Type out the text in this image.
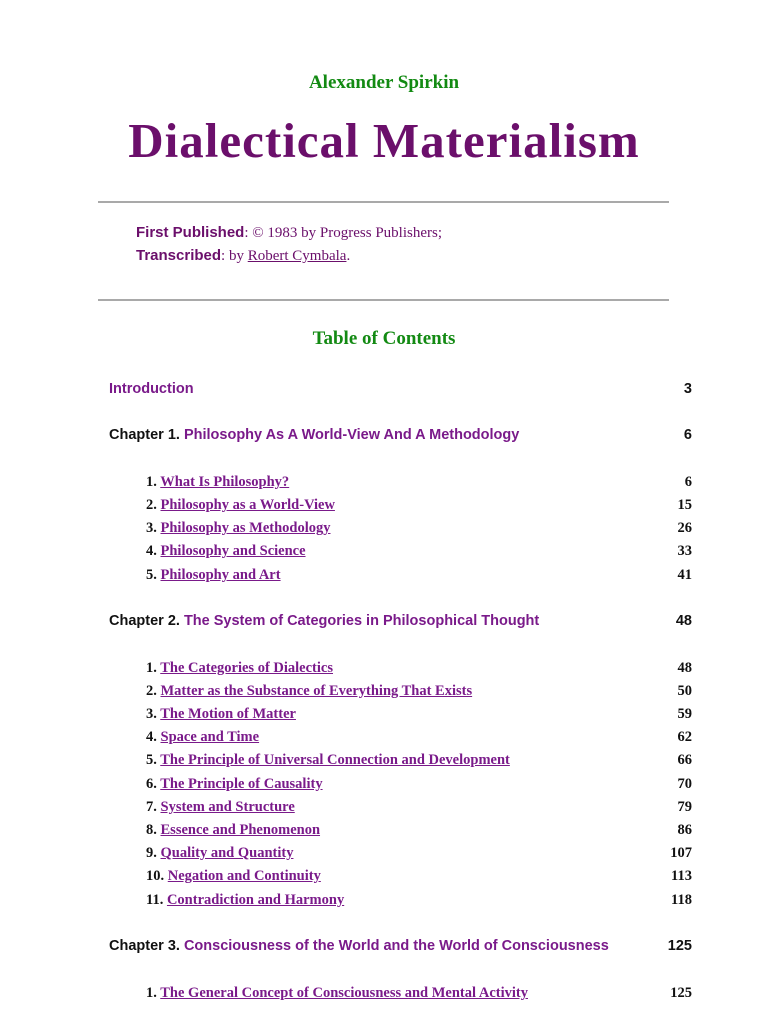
Alexander Spirkin
Dialectical Materialism
First Published: © 1983 by Progress Publishers;
Transcribed: by Robert Cymbala.
Table of Contents
Introduction	3
Chapter 1. Philosophy As A World-View And A Methodology	6
1. What Is Philosophy?	6
2. Philosophy as a World-View	15
3. Philosophy as Methodology	26
4. Philosophy and Science	33
5. Philosophy and Art	41
Chapter 2. The System of Categories in Philosophical Thought	48
1. The Categories of Dialectics	48
2. Matter as the Substance of Everything That Exists	50
3. The Motion of Matter	59
4. Space and Time	62
5. The Principle of Universal Connection and Development	66
6. The Principle of Causality	70
7. System and Structure	79
8. Essence and Phenomenon	86
9. Quality and Quantity	107
10. Negation and Continuity	113
11. Contradiction and Harmony	118
Chapter 3. Consciousness of the World and the World of Consciousness	125
1. The General Concept of Consciousness and Mental Activity	125
